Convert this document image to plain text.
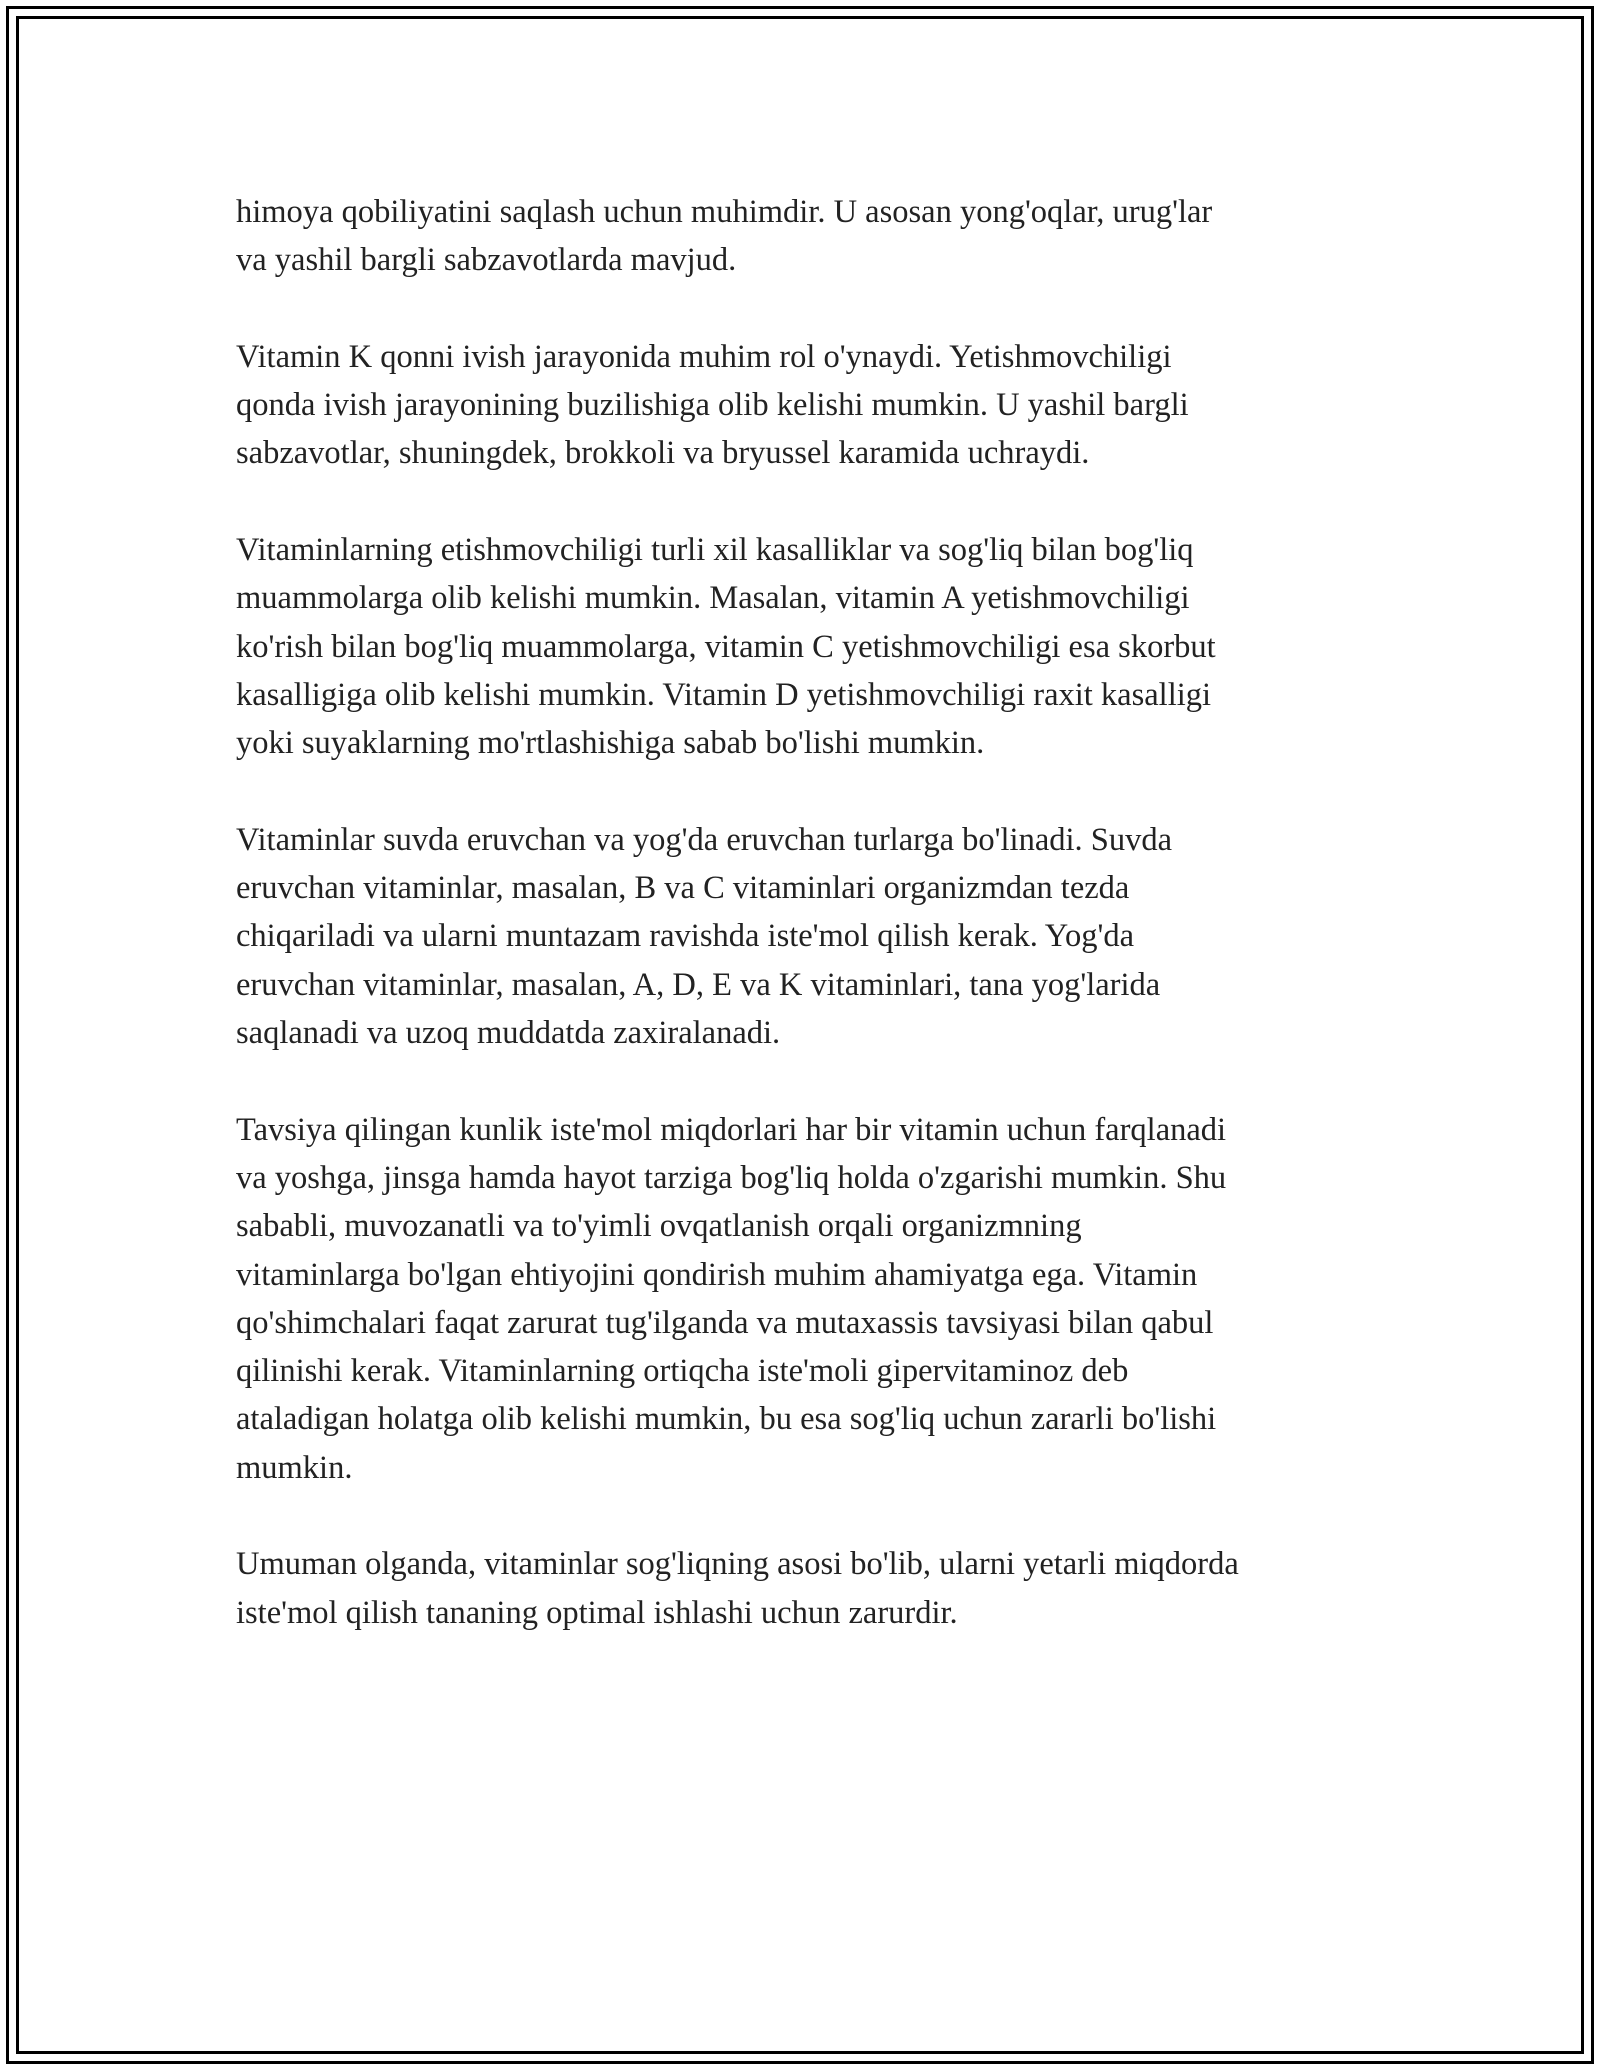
himoya qobiliyatini saqlash uchun muhimdir. U asosan yong'oqlar, urug'lar
va yashil bargli sabzavotlarda mavjud.

Vitamin K qonni ivish jarayonida muhim rol o'ynaydi. Yetishmovchiligi
qonda ivish jarayonining buzilishiga olib kelishi mumkin. U yashil bargli
sabzavotlar, shuningdek, brokkoli va bryussel karamida uchraydi.

Vitaminlarning etishmovchiligi turli xil kasalliklar va sog'liq bilan bog'liq
muammolarga olib kelishi mumkin. Masalan, vitamin A yetishmovchiligi
ko'rish bilan bog'liq muammolarga, vitamin C yetishmovchiligi esa skorbut
kasalligiga olib kelishi mumkin. Vitamin D yetishmovchiligi raxit kasalligi
yoki suyaklarning mo'rtlashishiga sabab bo'lishi mumkin.

Vitaminlar suvda eruvchan va yog'da eruvchan turlarga bo'linadi. Suvda
eruvchan vitaminlar, masalan, B va C vitaminlari organizmdan tezda
chiqariladi va ularni muntazam ravishda iste'mol qilish kerak. Yog'da
eruvchan vitaminlar, masalan, A, D, E va K vitaminlari, tana yog'larida
saqlanadi va uzoq muddatda zaxiralanadi.

Tavsiya qilingan kunlik iste'mol miqdorlari har bir vitamin uchun farqlanadi
va yoshga, jinsga hamda hayot tarziga bog'liq holda o'zgarishi mumkin. Shu
sababli, muvozanatli va to'yimli ovqatlanish orqali organizmning
vitaminlarga bo'lgan ehtiyojini qondirish muhim ahamiyatga ega. Vitamin
qo'shimchalari faqat zarurat tug'ilganda va mutaxassis tavsiyasi bilan qabul
qilinishi kerak. Vitaminlarning ortiqcha iste'moli gipervitaminoz deb
ataladigan holatga olib kelishi mumkin, bu esa sog'liq uchun zararli bo'lishi
mumkin.

Umuman olganda, vitaminlar sog'liqning asosi bo'lib, ularni yetarli miqdorda
iste'mol qilish tananing optimal ishlashi uchun zarurdir.
